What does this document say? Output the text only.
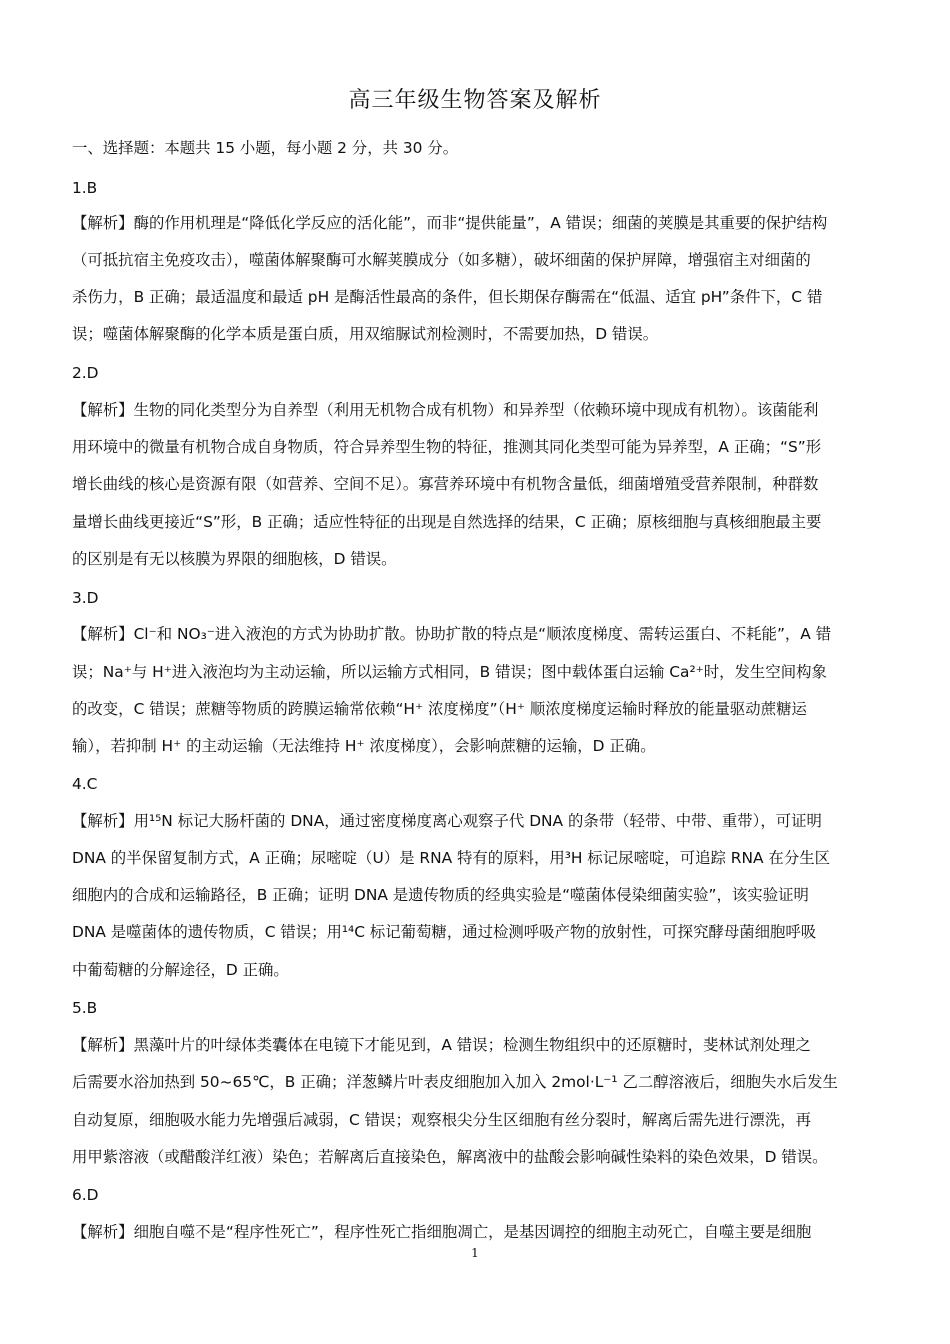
高三年级生物答案及解析
一、选择题：本题共 15 小题，每小题 2 分，共 30 分。
1.B
【解析】酶的作用机理是“降低化学反应的活化能”，而非“提供能量”，A 错误；细菌的荚膜是其重要的保护结构
（可抵抗宿主免疫攻击），噬菌体解聚酶可水解荚膜成分（如多糖），破坏细菌的保护屏障，增强宿主对细菌的
杀伤力，B 正确；最适温度和最适 pH 是酶活性最高的条件，但长期保存酶需在“低温、适宜 pH”条件下，C 错
误；噬菌体解聚酶的化学本质是蛋白质，用双缩脲试剂检测时，不需要加热，D 错误。
2.D
【解析】生物的同化类型分为自养型（利用无机物合成有机物）和异养型（依赖环境中现成有机物）。该菌能利
用环境中的微量有机物合成自身物质，符合异养型生物的特征，推测其同化类型可能为异养型，A 正确；“S”形
增长曲线的核心是资源有限（如营养、空间不足）。寡营养环境中有机物含量低，细菌增殖受营养限制，种群数
量增长曲线更接近“S”形，B 正确；适应性特征的出现是自然选择的结果，C 正确；原核细胞与真核细胞最主要
的区别是有无以核膜为界限的细胞核，D 错误。
3.D
【解析】Cl⁻和 NO₃⁻进入液泡的方式为协助扩散。协助扩散的特点是“顺浓度梯度、需转运蛋白、不耗能”，A 错
误；Na⁺与 H⁺进入液泡均为主动运输，所以运输方式相同，B 错误；图中载体蛋白运输 Ca²⁺时，发生空间构象
的改变，C 错误；蔗糖等物质的跨膜运输常依赖“H⁺ 浓度梯度”（H⁺ 顺浓度梯度运输时释放的能量驱动蔗糖运
输），若抑制 H⁺ 的主动运输（无法维持 H⁺ 浓度梯度），会影响蔗糖的运输，D 正确。
4.C
【解析】用¹⁵N 标记大肠杆菌的 DNA，通过密度梯度离心观察子代 DNA 的条带（轻带、中带、重带），可证明
DNA 的半保留复制方式，A 正确；尿嘧啶（U）是 RNA 特有的原料，用³H 标记尿嘧啶，可追踪 RNA 在分生区
细胞内的合成和运输路径，B 正确；证明 DNA 是遗传物质的经典实验是“噬菌体侵染细菌实验”，该实验证明
DNA 是噬菌体的遗传物质，C 错误；用¹⁴C 标记葡萄糖，通过检测呼吸产物的放射性，可探究酵母菌细胞呼吸
中葡萄糖的分解途径，D 正确。
5.B
【解析】黑藻叶片的叶绿体类囊体在电镜下才能见到，A 错误；检测生物组织中的还原糖时，斐林试剂处理之
后需要水浴加热到 50~65℃，B 正确；洋葱鳞片叶表皮细胞加入加入 2mol·L⁻¹ 乙二醇溶液后，细胞失水后发生
自动复原，细胞吸水能力先增强后减弱，C 错误；观察根尖分生区细胞有丝分裂时，解离后需先进行漂洗，再
用甲紫溶液（或醋酸洋红液）染色；若解离后直接染色，解离液中的盐酸会影响碱性染料的染色效果，D 错误。
6.D
【解析】细胞自噬不是“程序性死亡”，程序性死亡指细胞凋亡，是基因调控的细胞主动死亡，自噬主要是细胞
1
